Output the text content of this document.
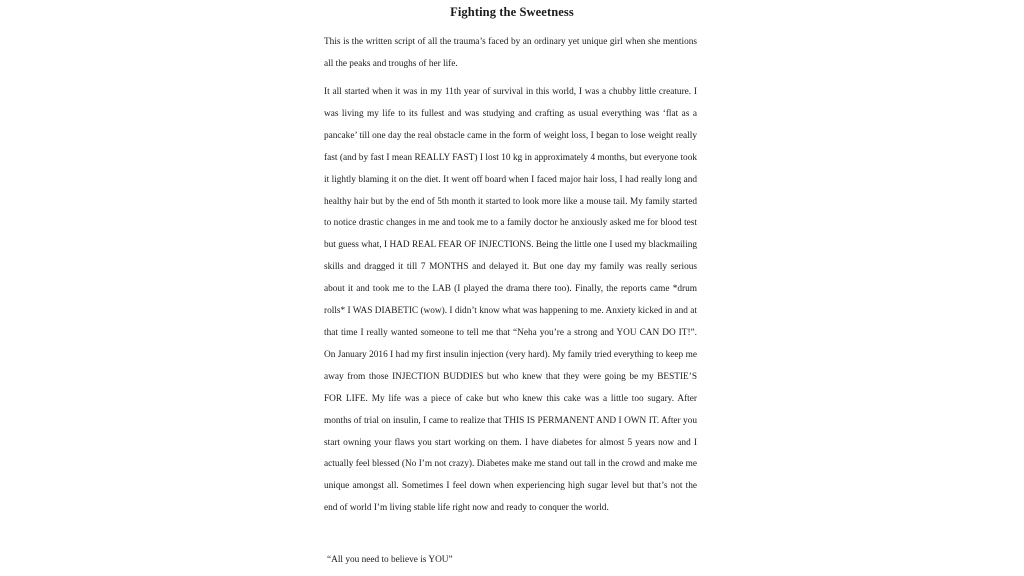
Fighting the Sweetness
This is the written script of all the trauma’s faced by an ordinary yet unique girl when she mentions all the peaks and troughs of her life.
It all started when it was in my 11th year of survival in this world, I was a chubby little creature. I was living my life to its fullest and was studying and crafting as usual everything was ‘flat as a pancake’ till one day the real obstacle came in the form of weight loss, I began to lose weight really fast (and by fast I mean REALLY FAST) I lost 10 kg in approximately 4 months, but everyone took it lightly blaming it on the diet. It went off board when I faced major hair loss, I had really long and healthy hair but by the end of 5th month it started to look more like a mouse tail. My family started to notice drastic changes in me and took me to a family doctor he anxiously asked me for blood test but guess what, I HAD REAL FEAR OF INJECTIONS. Being the little one I used my blackmailing skills and dragged it till 7 MONTHS and delayed it. But one day my family was really serious about it and took me to the LAB (I played the drama there too). Finally, the reports came *drum rolls* I WAS DIABETIC (wow). I didn’t know what was happening to me. Anxiety kicked in and at that time I really wanted someone to tell me that “Neha you’re a strong and YOU CAN DO IT!”. On January 2016 I had my first insulin injection (very hard). My family tried everything to keep me away from those INJECTION BUDDIES but who knew that they were going be my BESTIE’S FOR LIFE. My life was a piece of cake but who knew this cake was a little too sugary. After months of trial on insulin, I came to realize that THIS IS PERMANENT AND I OWN IT. After you start owning your flaws you start working on them. I have diabetes for almost 5 years now and I actually feel blessed (No I’m not crazy). Diabetes make me stand out tall in the crowd and make me unique amongst all. Sometimes I feel down when experiencing high sugar level but that’s not the end of world I’m living stable life right now and ready to conquer the world.
“All you need to believe is YOU”
